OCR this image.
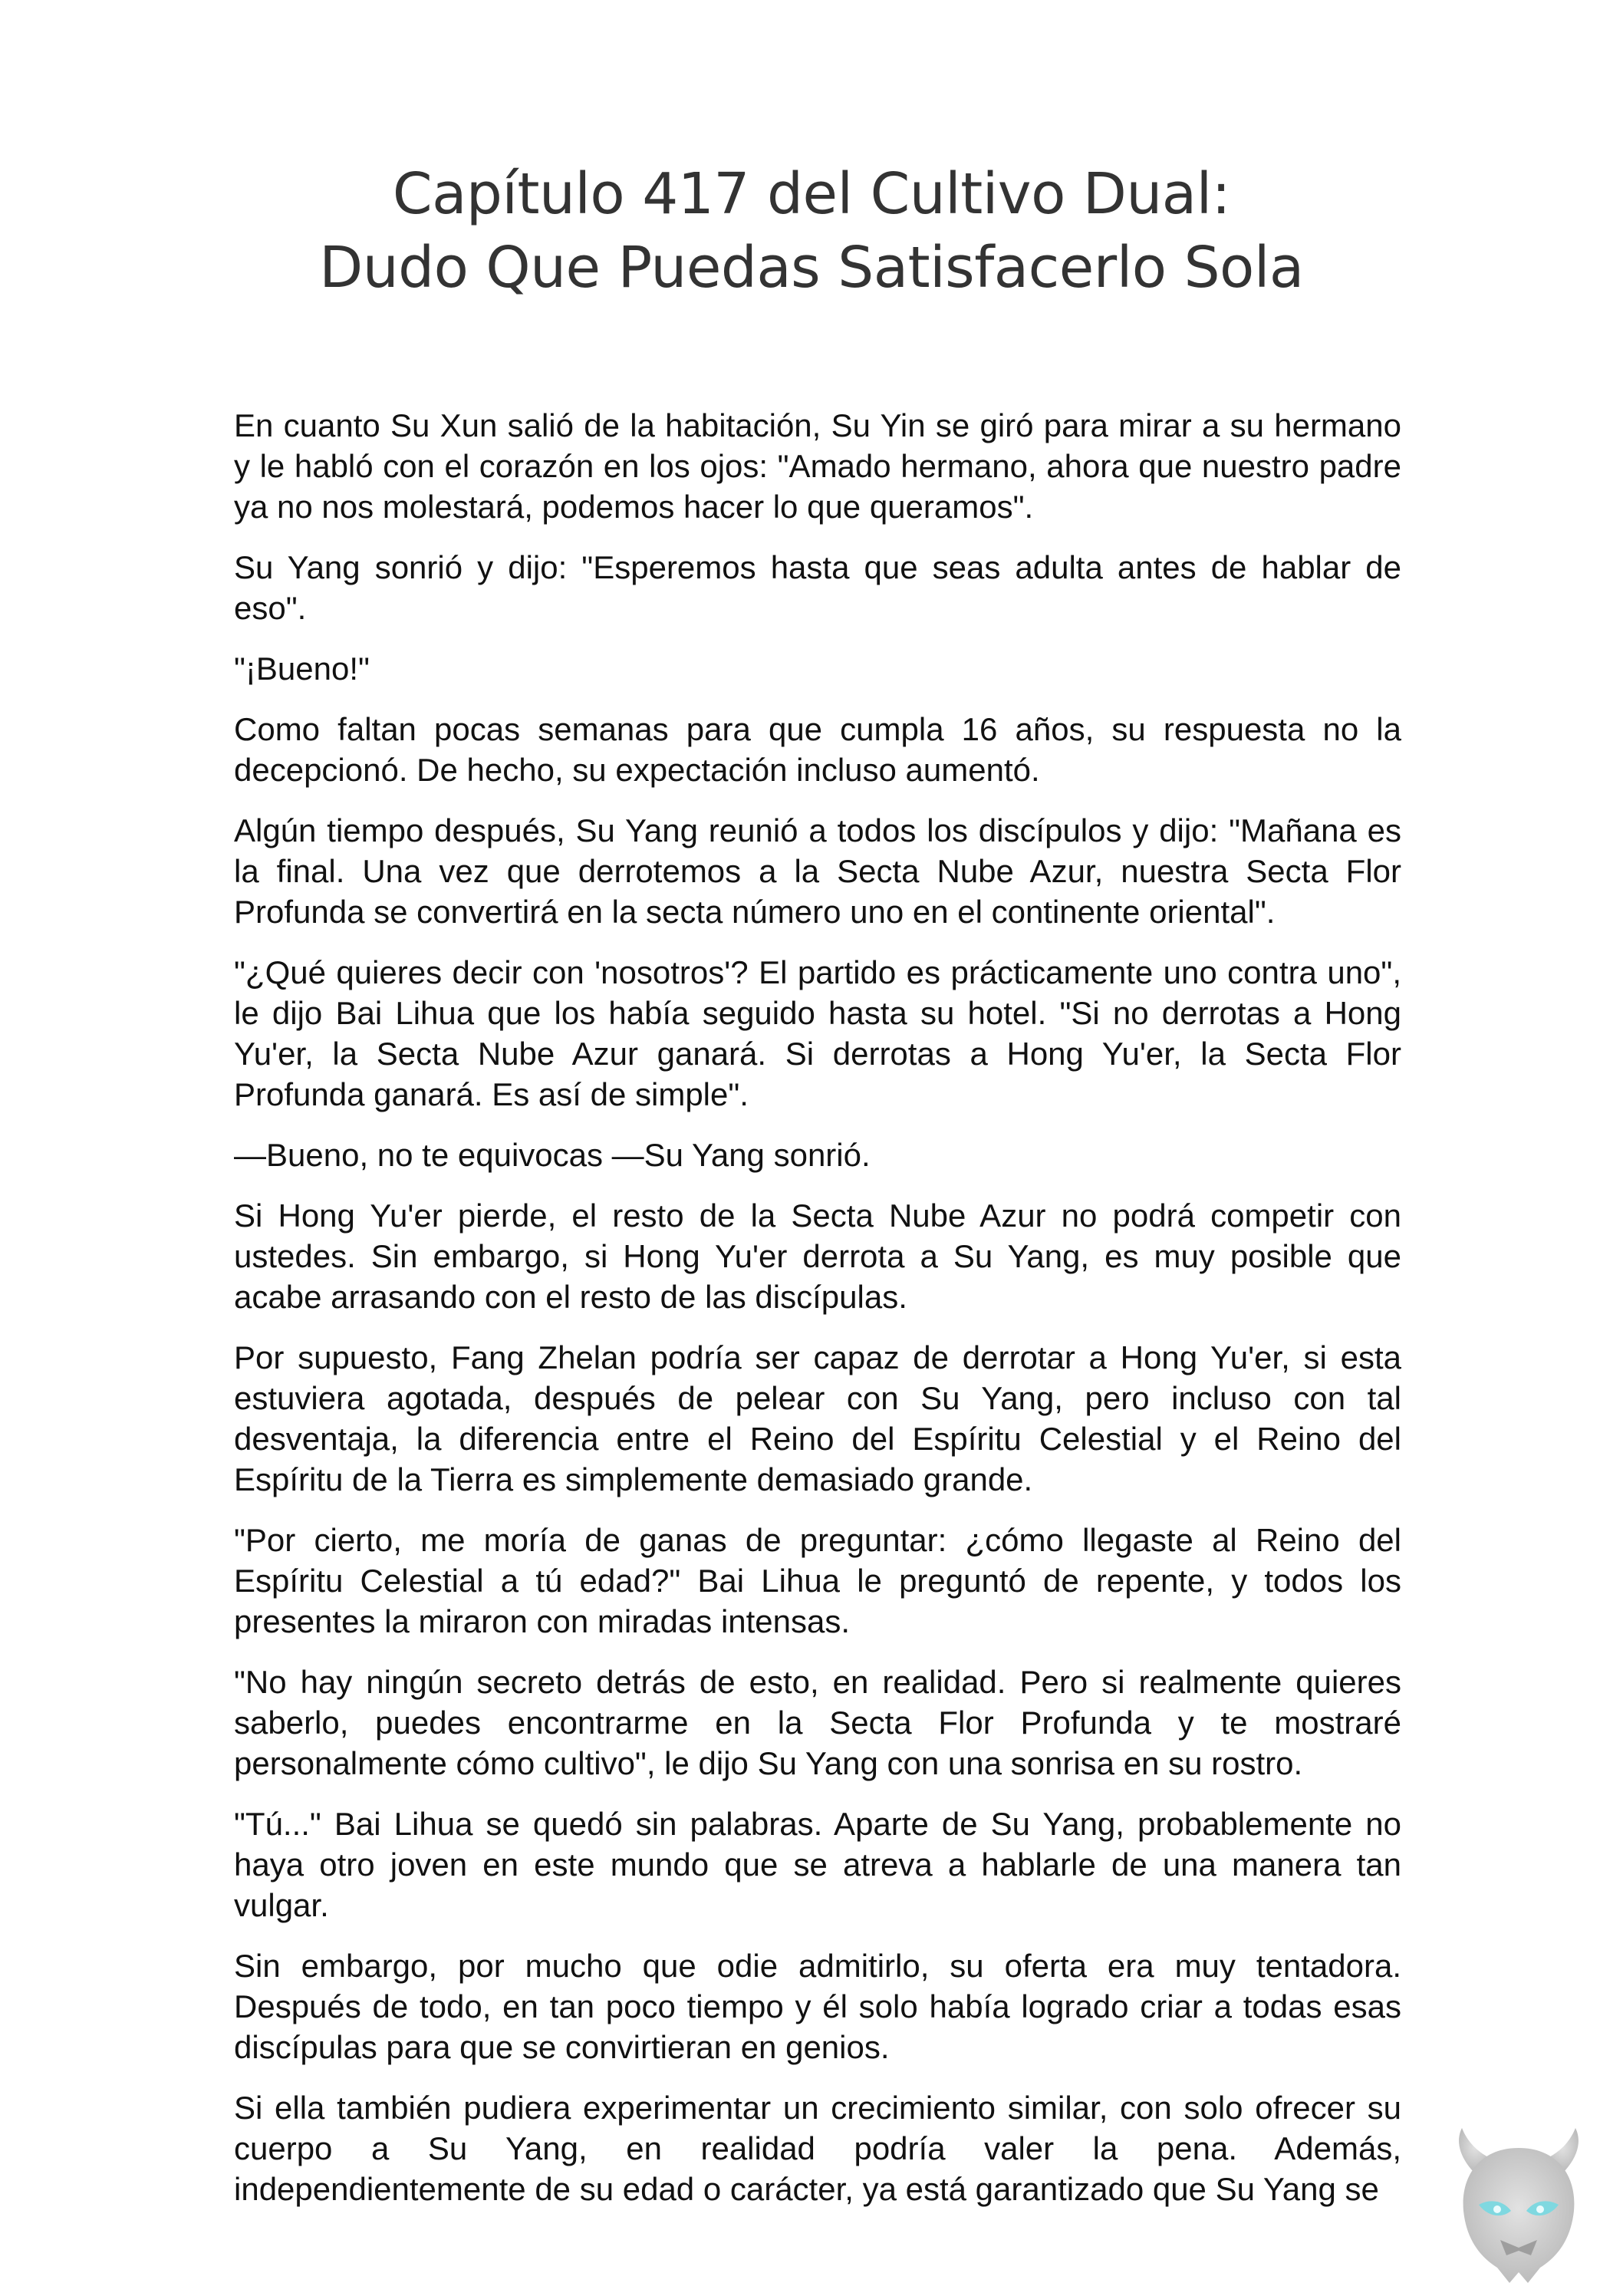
Capítulo 417 del Cultivo Dual:
Dudo Que Puedas Satisfacerlo Sola

En cuanto Su Xun salió de la habitación, Su Yin se giró para mirar a su hermano y le habló con el corazón en los ojos: "Amado hermano, ahora que nuestro padre ya no nos molestará, podemos hacer lo que queramos".

Su Yang sonrió y dijo: "Esperemos hasta que seas adulta antes de hablar de eso".

"¡Bueno!"

Como faltan pocas semanas para que cumpla 16 años, su respuesta no la decepcionó. De hecho, su expectación incluso aumentó.

Algún tiempo después, Su Yang reunió a todos los discípulos y dijo: "Mañana es la final. Una vez que derrotemos a la Secta Nube Azur, nuestra Secta Flor Profunda se convertirá en la secta número uno en el continente oriental".

"¿Qué quieres decir con 'nosotros'? El partido es prácticamente uno contra uno", le dijo Bai Lihua que los había seguido hasta su hotel. "Si no derrotas a Hong Yu'er, la Secta Nube Azur ganará. Si derrotas a Hong Yu'er, la Secta Flor Profunda ganará. Es así de simple".

—Bueno, no te equivocas —Su Yang sonrió.

Si Hong Yu'er pierde, el resto de la Secta Nube Azur no podrá competir con ustedes. Sin embargo, si Hong Yu'er derrota a Su Yang, es muy posible que acabe arrasando con el resto de las discípulas.

Por supuesto, Fang Zhelan podría ser capaz de derrotar a Hong Yu'er, si esta estuviera agotada, después de pelear con Su Yang, pero incluso con tal desventaja, la diferencia entre el Reino del Espíritu Celestial y el Reino del Espíritu de la Tierra es simplemente demasiado grande.

"Por cierto, me moría de ganas de preguntar: ¿cómo llegaste al Reino del Espíritu Celestial a tú edad?" Bai Lihua le preguntó de repente, y todos los presentes la miraron con miradas intensas.

"No hay ningún secreto detrás de esto, en realidad. Pero si realmente quieres saberlo, puedes encontrarme en la Secta Flor Profunda y te mostraré personalmente cómo cultivo", le dijo Su Yang con una sonrisa en su rostro.

"Tú..." Bai Lihua se quedó sin palabras. Aparte de Su Yang, probablemente no haya otro joven en este mundo que se atreva a hablarle de una manera tan vulgar.

Sin embargo, por mucho que odie admitirlo, su oferta era muy tentadora. Después de todo, en tan poco tiempo y él solo había logrado criar a todas esas discípulas para que se convirtieran en genios.

Si ella también pudiera experimentar un crecimiento similar, con solo ofrecer su cuerpo a Su Yang, en realidad podría valer la pena. Además, independientemente de su edad o carácter, ya está garantizado que Su Yang se
